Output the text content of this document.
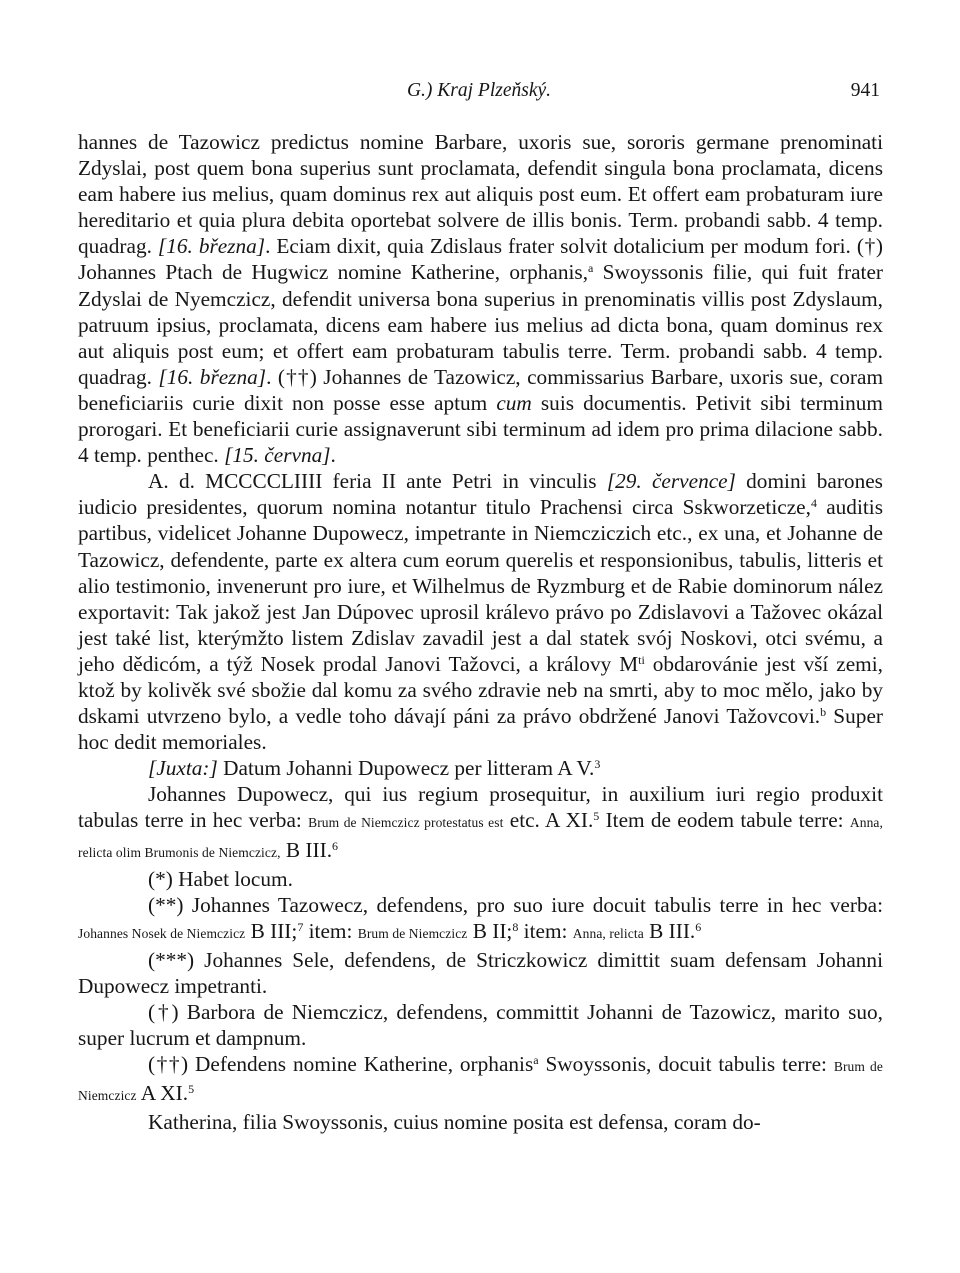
G.) Kraj Plzeňský.	941

hannes de Tazowicz predictus nomine Barbare, uxoris sue, sororis germane prenominati Zdyslai, post quem bona superius sunt proclamata, defendit singula bona proclamata, dicens eam habere ius melius, quam dominus rex aut aliquis post eum. Et offert eam probaturam iure hereditario et quia plura debita oportebat solvere de illis bonis. Term. probandi sabb. 4 temp. quadrag. [16. března]. Eciam dixit, quia Zdislaus frater solvit dotalicium per modum fori. (†) Johannes Ptach de Hugwicz nomine Katherine, orphanis,$^a$ Swoyssonis filie, qui fuit frater Zdyslai de Nyemczicz, defendit universa bona superius in prenominatis villis post Zdyslaum, patruum ipsius, proclamata, dicens eam habere ius melius ad dicta bona, quam dominus rex aut aliquis post eum; et offert eam probaturam tabulis terre. Term. probandi sabb. 4 temp. quadrag. [16. března]. (††) Johannes de Tazowicz, commissarius Barbare, uxoris sue, coram beneficiariis curie dixit non posse esse aptum cum suis documentis. Petivit sibi terminum prorogari. Et beneficiarii curie assignaverunt sibi terminum ad idem pro prima dilacione sabb. 4 temp. penthec. [15. června].

A. d. MCCCCLIIII feria II ante Petri in vinculis [29. července] domini barones iudicio presidentes, quorum nomina notantur titulo Prachensi circa Sskworzeticze,$^4$ auditis partibus, videlicet Johanne Dupowecz, impetrante in Niemcziczich etc., ex una, et Johanne de Tazowicz, defendente, parte ex altera cum eorum querelis et responsionibus, tabulis, litteris et alio testimonio, invenerunt pro iure, et Wilhelmus de Ryzmburg et de Rabie dominorum nález exportavit: Tak jakož jest Jan Dúpovec uprosil králevo právo po Zdislavovi a Tažovec okázal jest také list, kterýmžto listem Zdislav zavadil jest a dal statek svój Noskovi, otci svému, a jeho dědicóm, a týž Nosek prodal Janovi Tažovci, a královy $M^{ti}$ obdarovánie jest vší zemi, ktož by kolivěk své sbožie dal komu za svého zdravie neb na smrti, aby to moc mělo, jako by dskami utvrzeno bylo, a vedle toho dávají páni za právo obdržené Janovi Tažovcovi.$^b$ Super hoc dedit memoriales.

[Juxta:] Datum Johanni Dupowecz per litteram A V.$^3$

Johannes Dupowecz, qui ius regium prosequitur, in auxilium iuri regio produxit tabulas terre in hec verba: Brum de Niemczicz protestatus est etc. A XI.$^5$ Item de eodem tabule terre: Anna, relicta olim Brumonis de Niemczicz, B III.$^6$

(*) Habet locum.

(**) Johannes Tazowecz, defendens, pro suo iure docuit tabulis terre in hec verba: Johannes Nosek de Niemczicz B III;$^7$ item: Brum de Niemczicz B II;$^8$ item: Anna, relicta B III.$^6$

(***) Johannes Sele, defendens, de Striczkowicz dimittit suam defensam Johanni Dupowecz impetranti.

(†) Barbora de Niemczicz, defendens, committit Johanni de Tazowicz, marito suo, super lucrum et dampnum.

(††) Defendens nomine Katherine, orphanis$^a$ Swoyssonis, docuit tabulis terre: Brum de Niemczicz A XI.$^5$

Katherina, filia Swoyssonis, cuius nomine posita est defensa, coram do-
